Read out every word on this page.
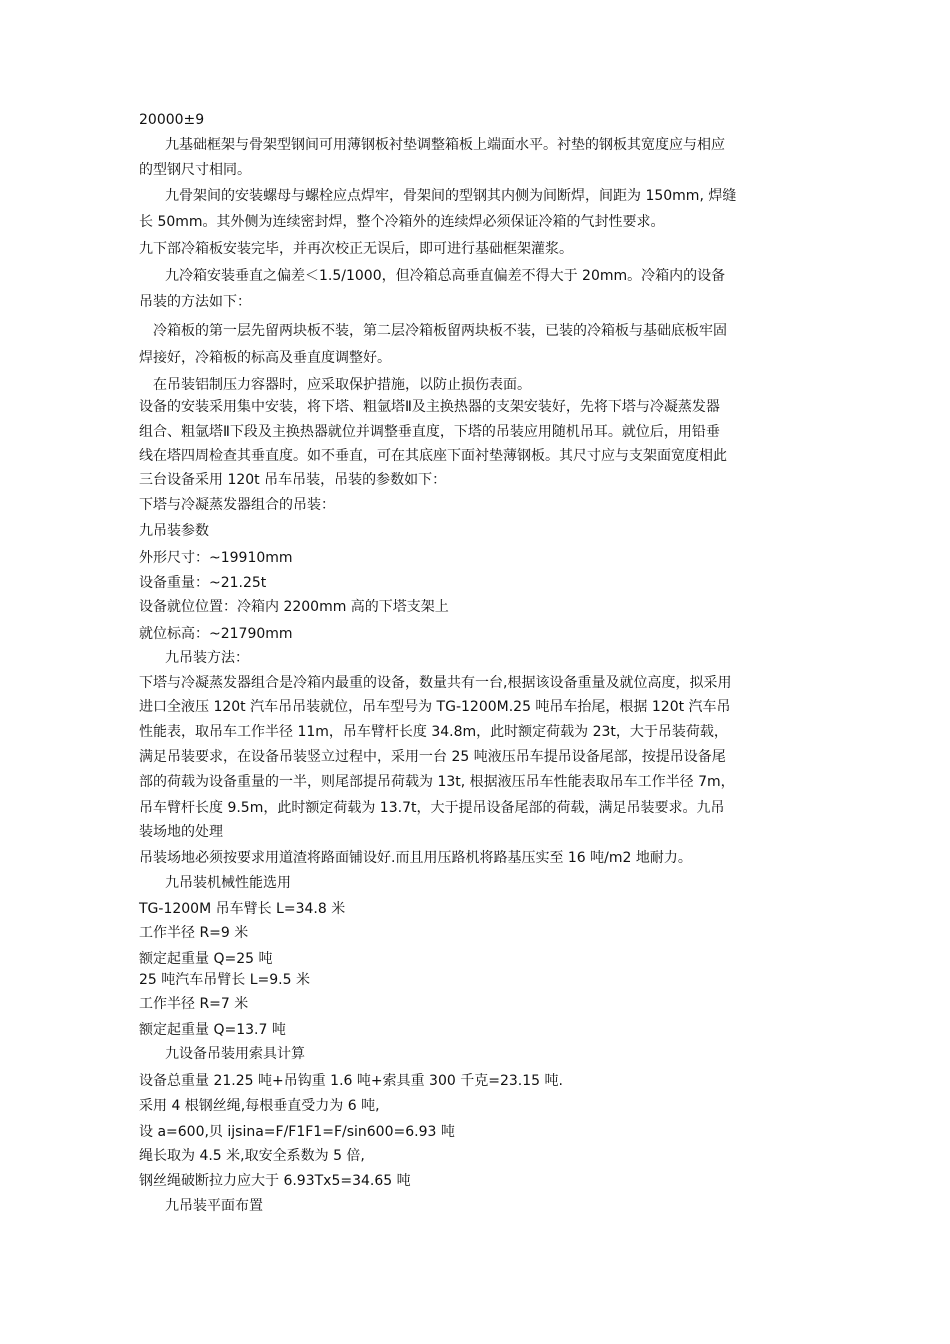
20000±9
九基础框架与骨架型钢间可用薄钢板衬垫调整箱板上端面水平。衬垫的钢板其宽度应与相应
的型钢尺寸相同。
九骨架间的安装螺母与螺栓应点焊牢，骨架间的型钢其内侧为间断焊，间距为 150mm, 焊缝
长 50mm。其外侧为连续密封焊，整个冷箱外的连续焊必须保证冷箱的气封性要求。
九下部冷箱板安装完毕，并再次校正无误后，即可进行基础框架灌浆。
九冷箱安装垂直之偏差＜1.5/1000，但冷箱总高垂直偏差不得大于 20mm。冷箱内的设备
吊装的方法如下：
冷箱板的第一层先留两块板不装，第二层冷箱板留两块板不装，已装的冷箱板与基础底板牢固
焊接好，冷箱板的标高及垂直度调整好。
在吊装铝制压力容器时，应采取保护措施，以防止损伤表面。
设备的安装采用集中安装，将下塔、粗氩塔Ⅱ及主换热器的支架安装好，先将下塔与冷凝蒸发器
组合、粗氩塔Ⅱ下段及主换热器就位并调整垂直度，下塔的吊装应用随机吊耳。就位后，用铅垂
线在塔四周检查其垂直度。如不垂直，可在其底座下面衬垫薄钢板。其尺寸应与支架面宽度相此
三台设备采用 120t 吊车吊装，吊装的参数如下：
下塔与冷凝蒸发器组合的吊装：
九吊装参数
外形尺寸：~19910mm
设备重量：~21.25t
设备就位位置：冷箱内 2200mm 高的下塔支架上
就位标高：~21790mm
九吊装方法：
下塔与冷凝蒸发器组合是冷箱内最重的设备，数量共有一台,根据该设备重量及就位高度，拟采用
进口全液压 120t 汽车吊吊装就位，吊车型号为 TG-1200M.25 吨吊车抬尾，根据 120t 汽车吊
性能表，取吊车工作半径 11m，吊车臂杆长度 34.8m，此时额定荷载为 23t，大于吊装荷载，
满足吊装要求，在设备吊装竖立过程中，采用一台 25 吨液压吊车提吊设备尾部，按提吊设备尾
部的荷载为设备重量的一半，则尾部提吊荷载为 13t, 根据液压吊车性能表取吊车工作半径 7m，
吊车臂杆长度 9.5m，此时额定荷载为 13.7t，大于提吊设备尾部的荷载，满足吊装要求。九吊
装场地的处理
吊装场地必须按要求用道渣将路面铺设好.而且用压路机将路基压实至 16 吨/m2 地耐力。
九吊装机械性能选用
TG-1200M 吊车臂长 L=34.8 米
工作半径 R=9 米
额定起重量 Q=25 吨
25 吨汽车吊臂长 L=9.5 米
工作半径 R=7 米
额定起重量 Q=13.7 吨
九设备吊装用索具计算
设备总重量 21.25 吨+吊钩重 1.6 吨+索具重 300 千克=23.15 吨.
采用 4 根钢丝绳,每根垂直受力为 6 吨,
设 a=600,贝 ijsina=F/F1F1=F/sin600=6.93 吨
绳长取为 4.5 米,取安全系数为 5 倍,
钢丝绳破断拉力应大于 6.93Tx5=34.65 吨
九吊装平面布置
